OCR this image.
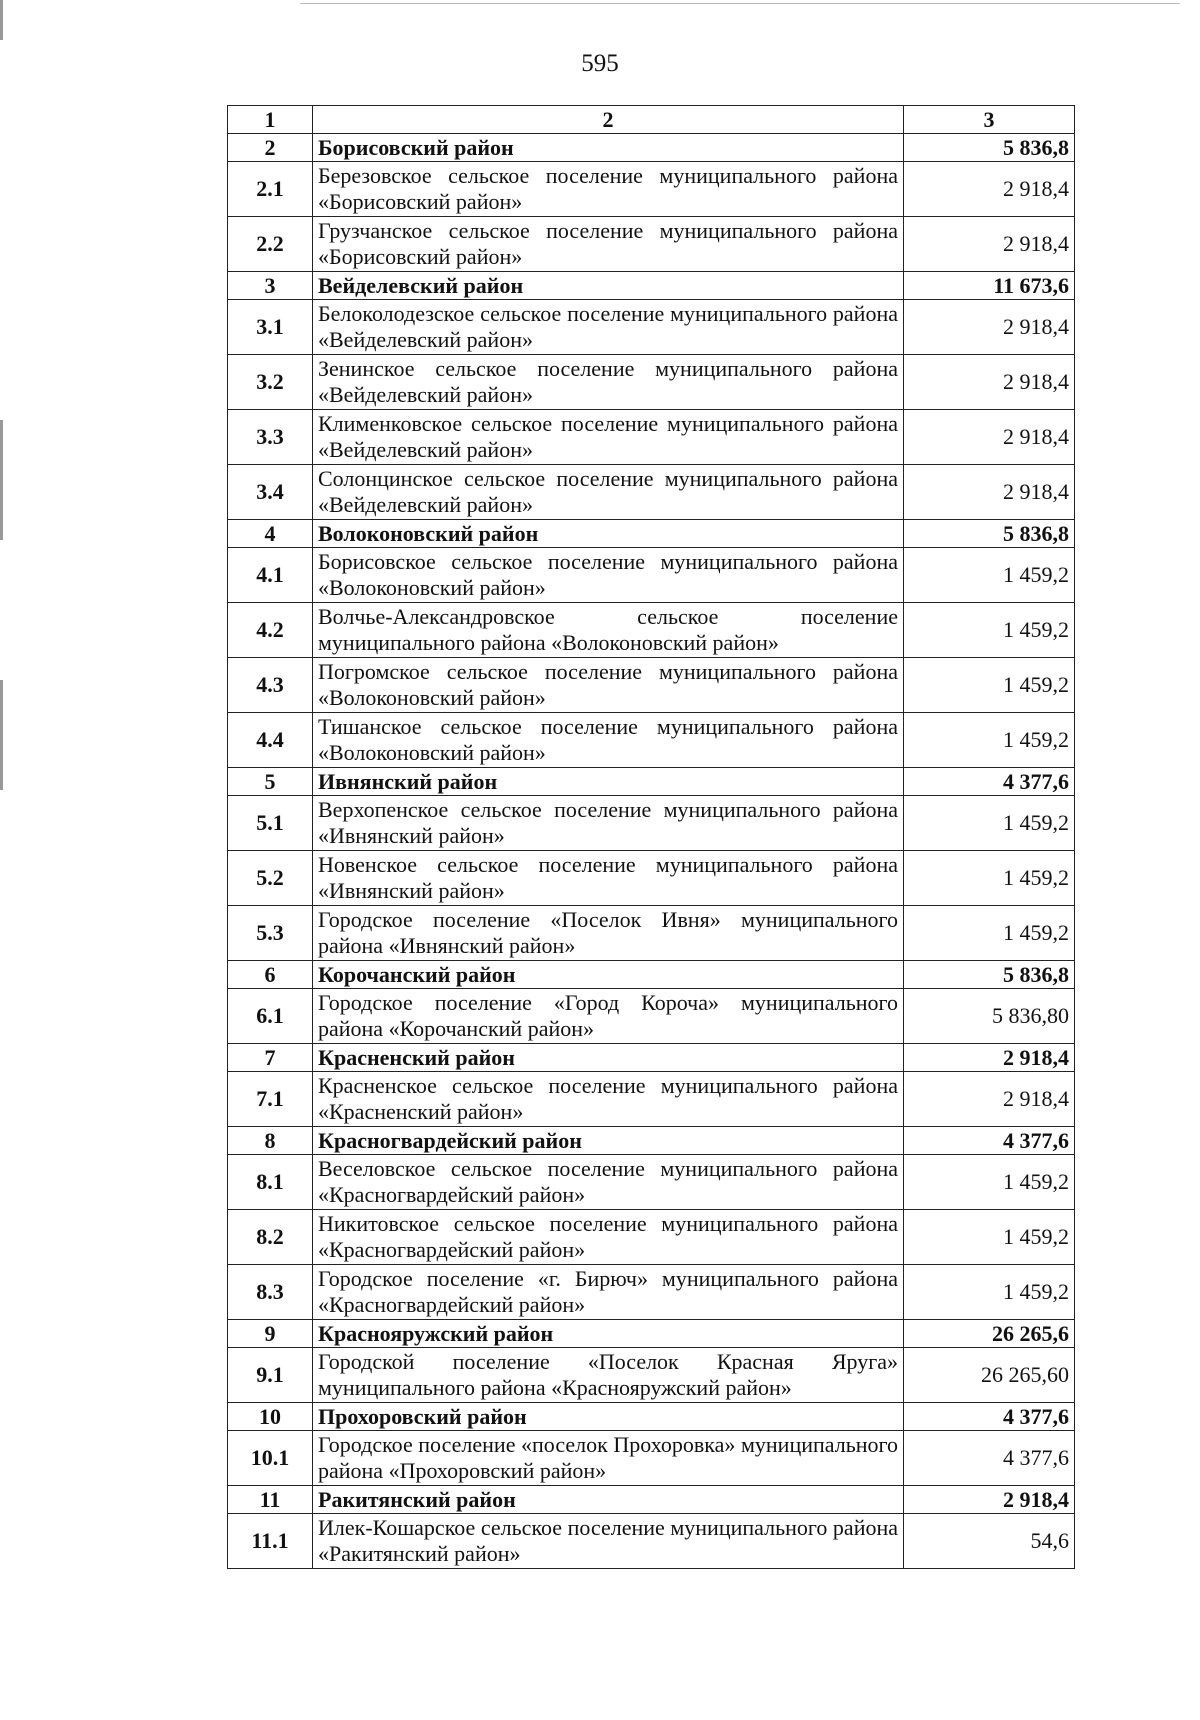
595
1	2	3
2	Борисовский район	5 836,8
2.1	Березовское сельское поселение муниципального района «Борисовский район»	2 918,4
2.2	Грузчанское сельское поселение муниципального района «Борисовский район»	2 918,4
3	Вейделевский район	11 673,6
3.1	Белоколодезское сельское поселение муниципального района «Вейделевский район»	2 918,4
3.2	Зенинское сельское поселение муниципального района «Вейделевский район»	2 918,4
3.3	Клименковское сельское поселение муниципального района «Вейделевский район»	2 918,4
3.4	Солонцинское сельское поселение муниципального района «Вейделевский район»	2 918,4
4	Волоконовский район	5 836,8
4.1	Борисовское сельское поселение муниципального района «Волоконовский район»	1 459,2
4.2	Волчье-Александровское сельское поселение муниципального района «Волоконовский район»	1 459,2
4.3	Погромское сельское поселение муниципального района «Волоконовский район»	1 459,2
4.4	Тишанское сельское поселение муниципального района «Волоконовский район»	1 459,2
5	Ивнянский район	4 377,6
5.1	Верхопенское сельское поселение муниципального района «Ивнянский район»	1 459,2
5.2	Новенское сельское поселение муниципального района «Ивнянский район»	1 459,2
5.3	Городское поселение «Поселок Ивня» муниципального района «Ивнянский район»	1 459,2
6	Корочанский район	5 836,8
6.1	Городское поселение «Город Короча» муниципального района «Корочанский район»	5 836,80
7	Красненский район	2 918,4
7.1	Красненское сельское поселение муниципального района «Красненский район»	2 918,4
8	Красногвардейский район	4 377,6
8.1	Веселовское сельское поселение муниципального района «Красногвардейский район»	1 459,2
8.2	Никитовское сельское поселение муниципального района «Красногвардейский район»	1 459,2
8.3	Городское поселение «г. Бирюч» муниципального района «Красногвардейский район»	1 459,2
9	Краснояружский район	26 265,6
9.1	Городской поселение «Поселок Красная Яруга» муниципального района «Краснояружский район»	26 265,60
10	Прохоровский район	4 377,6
10.1	Городское поселение «поселок Прохоровка» муниципального района «Прохоровский район»	4 377,6
11	Ракитянский район	2 918,4
11.1	Илек-Кошарское сельское поселение муниципального района «Ракитянский район»	54,6
